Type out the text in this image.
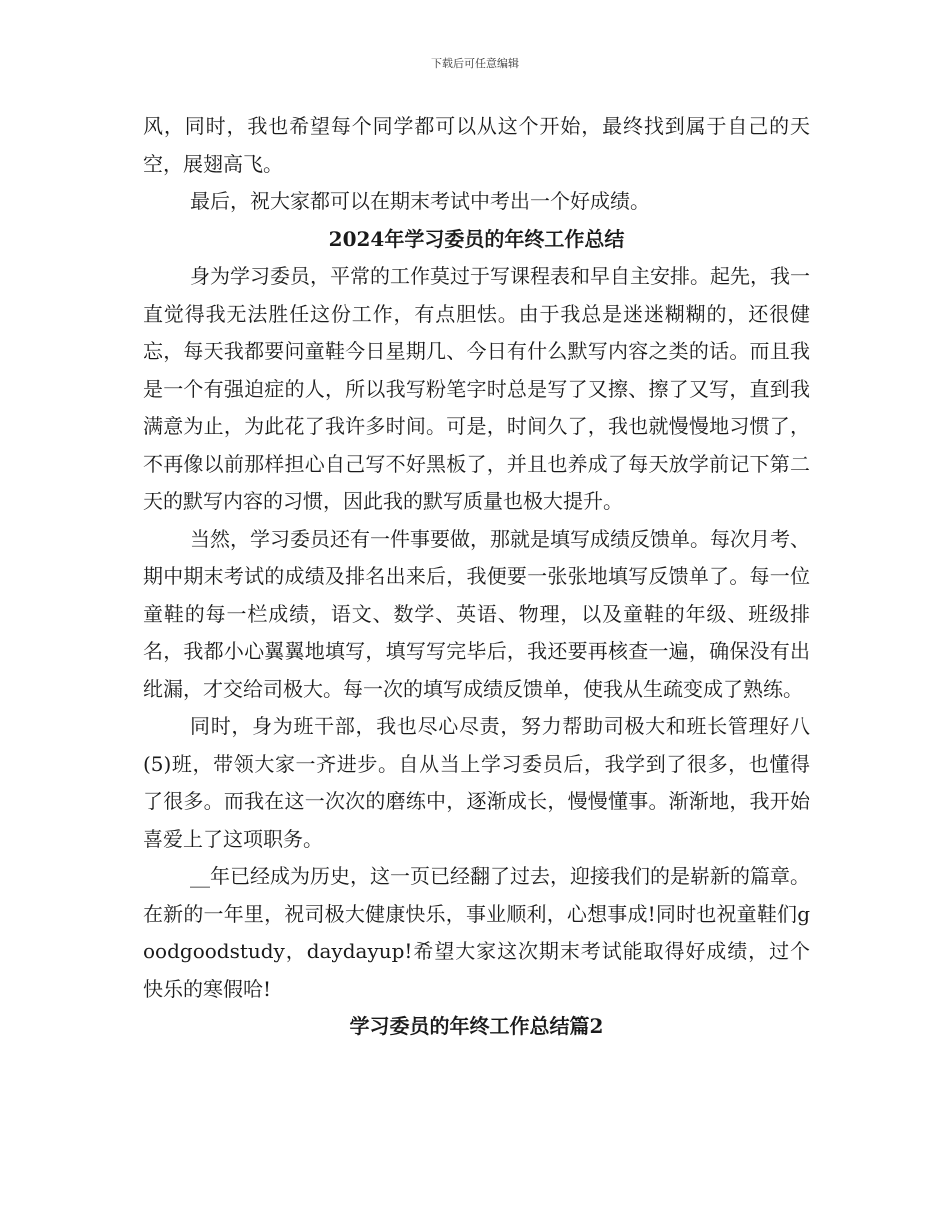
下载后可任意编辑

风，同时，我也希望每个同学都可以从这个开始，最终找到属于自己的天空，展翅高飞。

最后，祝大家都可以在期末考试中考出一个好成绩。

2024年学习委员的年终工作总结

身为学习委员，平常的工作莫过于写课程表和早自主安排。起先，我一直觉得我无法胜任这份工作，有点胆怯。由于我总是迷迷糊糊的，还很健忘，每天我都要问童鞋今日星期几、今日有什么默写内容之类的话。而且我是一个有强迫症的人，所以我写粉笔字时总是写了又擦、擦了又写，直到我满意为止，为此花了我许多时间。可是，时间久了，我也就慢慢地习惯了，不再像以前那样担心自己写不好黑板了，并且也养成了每天放学前记下第二天的默写内容的习惯，因此我的默写质量也极大提升。

当然，学习委员还有一件事要做，那就是填写成绩反馈单。每次月考、期中期末考试的成绩及排名出来后，我便要一张张地填写反馈单了。每一位童鞋的每一栏成绩，语文、数学、英语、物理，以及童鞋的年级、班级排名，我都小心翼翼地填写，填写写完毕后，我还要再核查一遍，确保没有出纰漏，才交给司极大。每一次的填写成绩反馈单，使我从生疏变成了熟练。

同时，身为班干部，我也尽心尽责，努力帮助司极大和班长管理好八(5)班，带领大家一齐进步。自从当上学习委员后，我学到了很多，也懂得了很多。而我在这一次次的磨练中，逐渐成长，慢慢懂事。渐渐地，我开始喜爱上了这项职务。

__年已经成为历史，这一页已经翻了过去，迎接我们的是崭新的篇章。在新的一年里，祝司极大健康快乐，事业顺利，心想事成!同时也祝童鞋们goodgoodstudy，daydayup!希望大家这次期末考试能取得好成绩，过个快乐的寒假哈!

学习委员的年终工作总结篇2
